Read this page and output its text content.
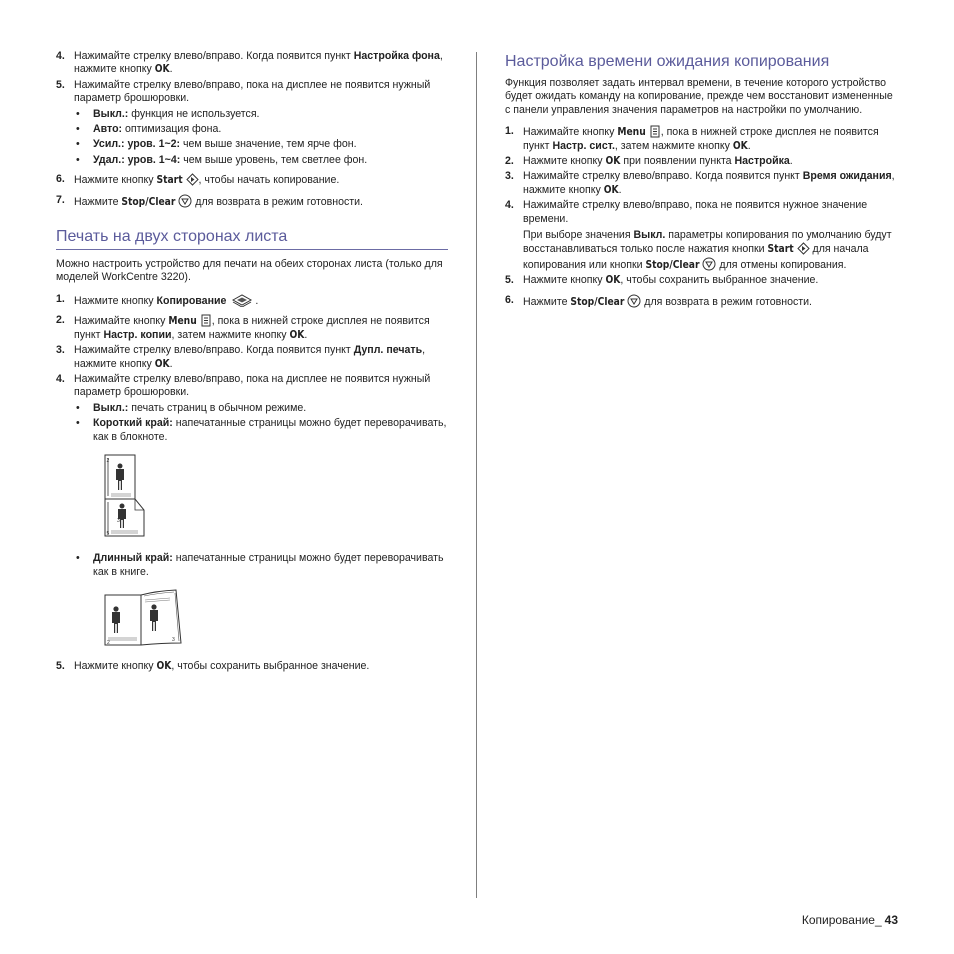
4. Нажимайте стрелку влево/вправо. Когда появится пункт Настройка фона, нажмите кнопку OK.
5. Нажимайте стрелку влево/вправо, пока на дисплее не появится нужный параметр брошюровки.
• Выкл.: функция не используется.
• Авто: оптимизация фона.
• Усил.: уров. 1~2: чем выше значение, тем ярче фон.
• Удал.: уров. 1~4: чем выше уровень, тем светлее фон.
6. Нажмите кнопку Start , чтобы начать копирование.
7. Нажмите Stop/Clear  для возврата в режим готовности.
Печать на двух сторонах листа
Можно настроить устройство для печати на обеих сторонах листа (только для моделей WorkCentre 3220).
1. Нажмите кнопку Копирование	.
2. Нажимайте кнопку Menu , пока в нижней строке дисплея не появится пункт Настр. копии, затем нажмите кнопку OK.
3. Нажимайте стрелку влево/вправо. Когда появится пункт Дупл. печать, нажмите кнопку OK.
4. Нажимайте стрелку влево/вправо, пока на дисплее не появится нужный параметр брошюровки.
• Выкл.: печать страниц в обычном режиме.
• Короткий край: напечатанные страницы можно будет переворачивать, как в блокноте.
2
3
5
• Длинный край: напечатанные страницы можно будет переворачивать как в книге.
2	3
5. Нажмите кнопку OK, чтобы сохранить выбранное значение.
Настройка времени ожидания копирования
Функция позволяет задать интервал времени, в течение которого устройство будет ожидать команду на копирование, прежде чем восстановит измененные с панели управления значения параметров на настройки по умолчанию.
1. Нажимайте кнопку Menu , пока в нижней строке дисплея не появится пункт Настр. сист., затем нажмите кнопку OK.
2. Нажмите кнопку OK при появлении пункта Настройка.
3. Нажимайте стрелку влево/вправо. Когда появится пункт Время ожидания, нажмите кнопку OK.
4. Нажимайте стрелку влево/вправо, пока не появится нужное значение времени.
При выборе значения Выкл. параметры копирования по умолчанию будут восстанавливаться только после нажатия кнопки Start  для начала копирования или кнопки Stop/Clear  для отмены копирования.
5. Нажмите кнопку OK, чтобы сохранить выбранное значение.
6. Нажмите Stop/Clear  для возврата в режим готовности.
Копирование_ 43
